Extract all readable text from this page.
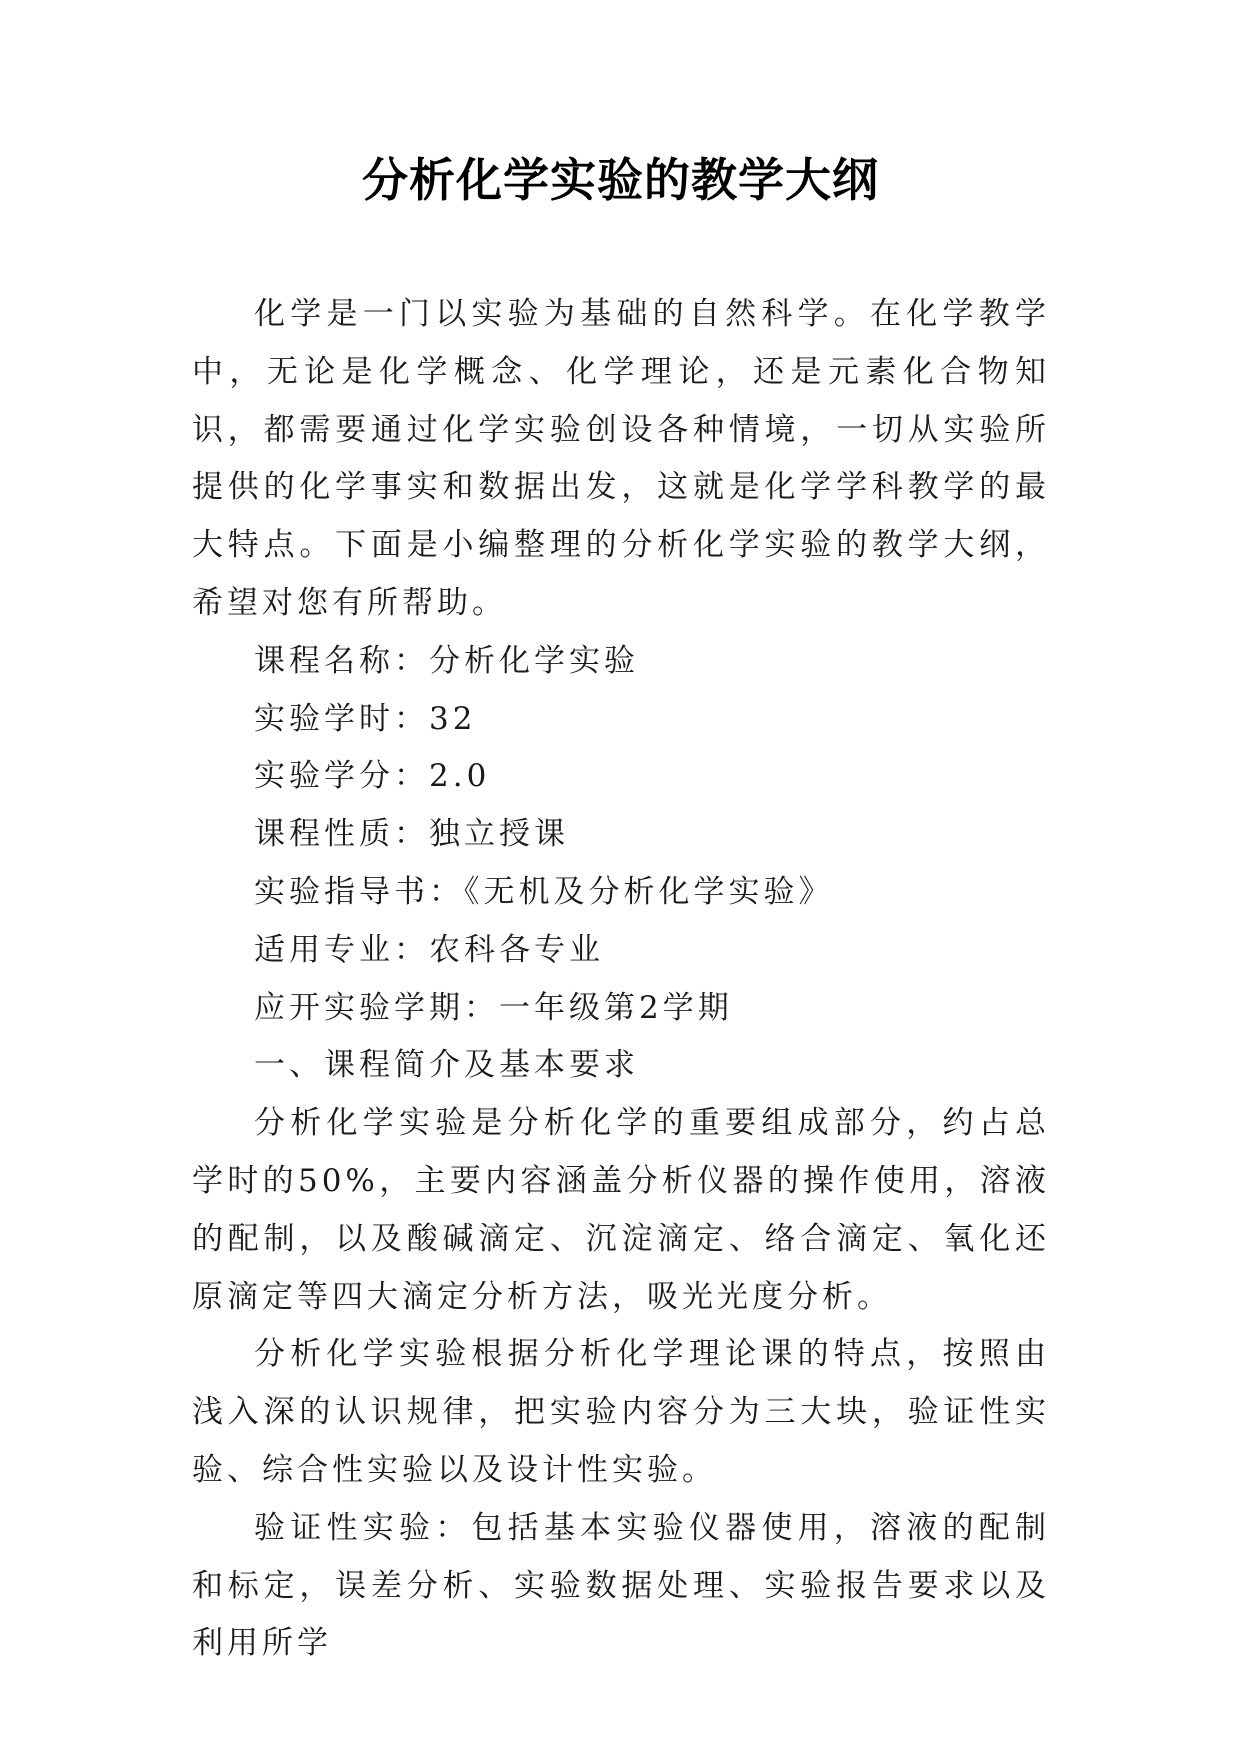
分析化学实验的教学大纲

化学是一门以实验为基础的自然科学。在化学教学中，无论是化学概念、化学理论，还是元素化合物知识，都需要通过化学实验创设各种情境，一切从实验所提供的化学事实和数据出发，这就是化学学科教学的最大特点。下面是小编整理的分析化学实验的教学大纲，希望对您有所帮助。

课程名称：分析化学实验

实验学时：32

实验学分：2.0

课程性质：独立授课

实验指导书：《无机及分析化学实验》

适用专业：农科各专业

应开实验学期：一年级第2学期

一、课程简介及基本要求

分析化学实验是分析化学的重要组成部分，约占总学时的50%，主要内容涵盖分析仪器的操作使用，溶液的配制，以及酸碱滴定、沉淀滴定、络合滴定、氧化还原滴定等四大滴定分析方法，吸光光度分析。

分析化学实验根据分析化学理论课的特点，按照由浅入深的认识规律，把实验内容分为三大块，验证性实验、综合性实验以及设计性实验。

验证性实验：包括基本实验仪器使用，溶液的配制和标定，误差分析、实验数据处理、实验报告要求以及利用所学
